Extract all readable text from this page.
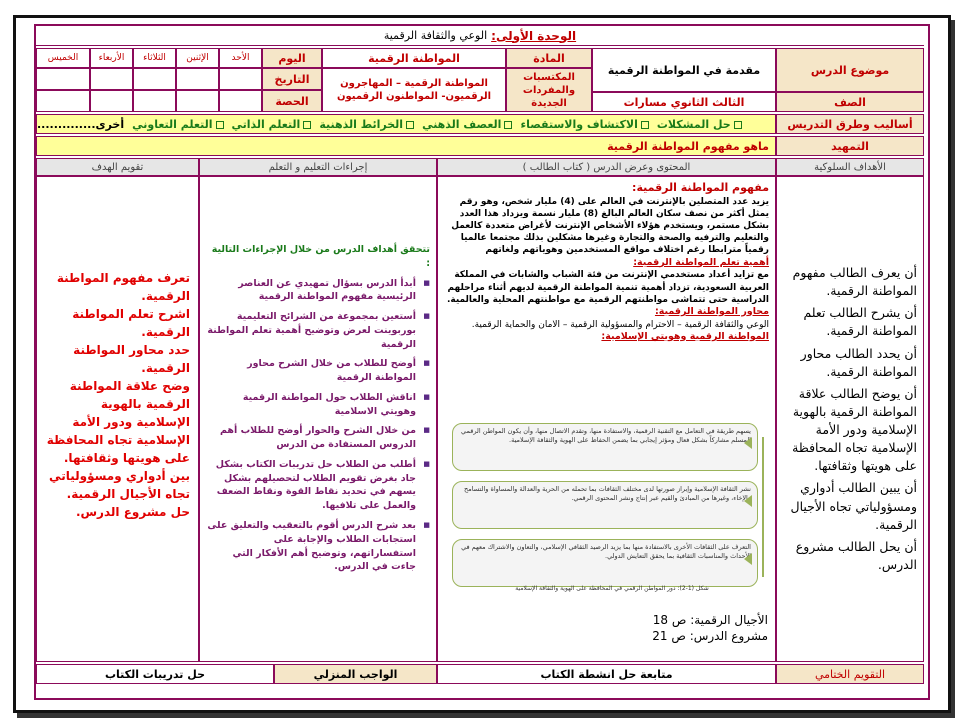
الوحدة الأولى:
الوعي والثقافة الرقمية
موضوع الدرس
مقدمة في المواطنة الرقمية
المادة
المواطنة الرقمية
اليوم
الأحد
الإثنين
الثلاثاء
الأربعاء
الخميس
المكتسبات والمفردات الجديدة
المواطنة الرقمية – المهاجرون الرقميون- المواطنون الرقميون
التاريخ
الحصة	الصف
الثالث الثانوي مسارات
أساليب وطرق التدريس
حل المشكلات
الاكتشاف والاستقصاء
العصف الذهني
الخرائط الذهنية
التعلم الذاتي
التعلم التعاوني
أخرى..............
التمهيد
ماهو مفهوم المواطنة الرقمية
الأهداف السلوكية
المحتوى وعرض الدرس ( كتاب الطالب )
إجراءات التعليم و التعلم
تقويم الهدف
أن يعرف الطالب مفهوم المواطنة الرقمية.
أن يشرح الطالب تعلم المواطنة الرقمية.
أن يحدد الطالب محاور المواطنة الرقمية.
أن يوضح الطالب علاقة المواطنة الرقمية بالهوية الإسلامية ودور الأمة الإسلامية تجاه المحافظة على هويتها وثقافتها.
أن يبين الطالب أدواري ومسؤولياتي تجاه الأجيال الرقمية.
أن يحل الطالب مشروع الدرس.
مفهوم المواطنة الرقمية:
يزيد عدد المتصلين بالإنترنت في العالم على (4) مليار شخص، وهو رقم يمثل أكثر من نصف سكان العالم البالغ (8) مليار نسمة ويزداد هذا العدد بشكل مستمر، ويستخدم هؤلاء الأشخاص الإنترنت لأغراض متعددة كالعمل والتعليم والترفيه والصحة والتجارة وغيرها مشكلين بذلك مجتمعا عالميا رقمياً مترابطا رغم اختلاف مواقع المستخدمين وهوياتهم ولغاتهم
أهمية تعلم المواطنة الرقمية:
مع تزايد أعداد مستخدمي الإنترنت من فئة الشباب والشابات في المملكة العربية السعودية، تزداد أهمية تنمية المواطنة الرقمية لديهم أثناء مراحلهم الدراسية حتى تتماشى مواطنتهم الرقمية مع مواطنتهم المحلية والعالمية.
محاور المواطنة الرقمية:
الوعي والثقافة الرقمية – الاحترام والمسؤولية الرقمية – الامان والحماية الرقمية.
المواطنة الرقمية وهويتي الإسلامية:
يسهم طريقة في التعامل مع التقنية الرقمية، والاستفادة منها، وتقدم الاتصال منها، وأن يكون المواطن الرقمي المسلم مشاركاً بشكل فعال ومؤثر إيجابي بما يضمن الحفاظ على الهوية والثقافة الإسلامية.
نشر الثقافة الإسلامية وإبراز صورتها لدى مختلف الثقافات بما تحمله من الحرية والعدالة والمساواة والتسامح والإخاء، وغيرها من المبادئ والقيم عبر إنتاج ونشر المحتوى الرقمي.
التعرف على الثقافات الأخرى بالاستفادة منها بما يزيد الرصيد الثقافي الإسلامي، والتعاون والاشتراك معهم في الأحداث والمناسبات الثقافية بما يحقق التعايش الدولي.
شكل (1-2): دور المواطن الرقمي في المحافظة على الهوية والثقافة الإسلامية
الأجيال الرقمية: ص 18
مشروع الدرس: ص 21
تتحقق أهداف الدرس من خلال الإجراءات التالية :
■ أبدأ الدرس بسؤال تمهيدي عن العناصر الرئيسية مفهوم المواطنة الرقمية
■ أستعين بمجموعة من الشرائح التعليمية بوربوينت لعرض وتوضيح أهمية تعلم المواطنة الرقمية
■ أوضح للطلاب من خلال الشرح محاور المواطنة الرقمية
■ اناقش الطلاب حول المواطنة الرقمية وهويتي الاسلامية
■ من خلال الشرح والحوار أوضح للطلاب أهم الدروس المستفادة من الدرس
■ أطلب من الطلاب حل تدريبات الكتاب بشكل جاد بغرض تقويم الطلاب لتحصيلهم بشكل يسهم في تحديد نقاط القوة ونقاط الضعف والعمل على تلافيها.
■ بعد شرح الدرس أقوم بالتعقيب والتعليق على استجابات الطلاب والإجابة على استفساراتهم، وتوضيح أهم الأفكار التي جاءت في الدرس.
تعرف مفهوم المواطنة الرقمية.
اشرح تعلم المواطنة الرقمية.
حدد محاور المواطنة الرقمية.
وضح علاقة المواطنة الرقمية بالهوية الإسلامية ودور الأمة الإسلامية تجاه المحافظة على هويتها وثقافتها.
بين أدواري ومسؤولياتي تجاه الأجيال الرقمية.
حل مشروع الدرس.
التقويم الختامي
متابعة حل انشطة الكتاب
الواجب المنزلي
حل تدريبات الكتاب
